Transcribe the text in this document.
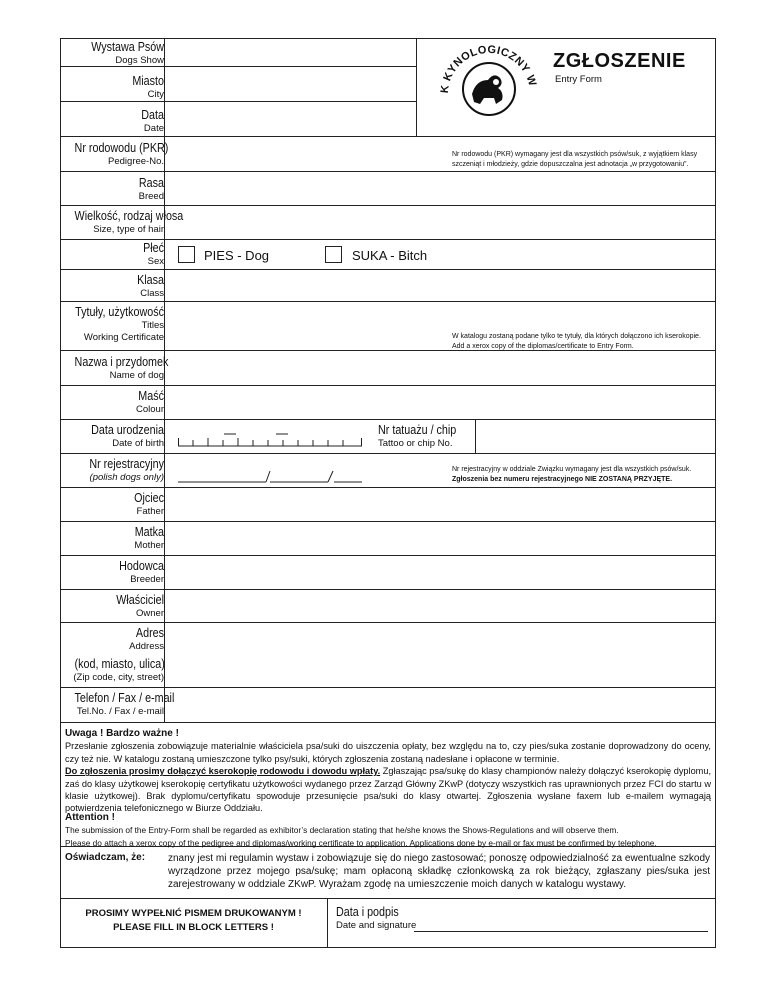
K KYNOLOGICZNY W
ZGŁOSZENIE
Entry Form
Wystawa Psów
Dogs Show
Miasto
City
Data
Date
Nr rodowodu (PKR)
Pedigree-No.
Rasa
Breed
Wielkość, rodzaj włosa
Size, type of hair
Płeć
Sex
Klasa
Class
Tytuły, użytkowość
Titles
Working Certificate
Nazwa i przydomek
Name of dog
Maść
Colour
Data urodzenia
Date of birth
Nr rejestracyjny
(polish dogs only)
Ojciec
Father
Matka
Mother
Hodowca
Breeder
Właściciel
Owner
Adres
Address
(kod, miasto, ulica)
(Zip code, city, street)
Telefon / Fax / e-mail
Tel.No. / Fax / e-mail
Nr rodowodu (PKR) wymagany jest dla wszystkich psów/suk, z wyjątkiem klasy
szczeniąt i młodzieży, gdzie dopuszczalna jest adnotacja „w przygotowaniu”.
W katalogu zostaną podane tylko te tytuły, dla których dołączono ich kserokopie.
Add a xerox copy of the diplomas/certificate to Entry Form.
Nr rejestracyjny w oddziale Związku wymagany jest dla wszystkich psów/suk.
Zgłoszenia bez numeru rejestracyjnego NIE ZOSTANĄ PRZYJĘTE.
PIES - Dog	SUKA - Bitch
Nr tatuażu / chip
Tattoo or chip No.
Uwaga ! Bardzo ważne !
Przesłanie zgłoszenia zobowiązuje materialnie właściciela psa/suki do uiszczenia opłaty, bez względu na to, czy pies/suka zostanie doprowadzony do oceny, czy też nie. W katalogu zostaną umieszczone tylko psy/suki, których zgłoszenia zostaną nadesłane i opłacone w terminie.
Do zgłoszenia prosimy dołączyć kserokopię rodowodu i dowodu wpłaty. Zgłaszając psa/sukę do klasy championów należy dołączyć kserokopię dyplomu, zaś do klasy użytkowej kserokopię certyfikatu użytkowości wydanego przez Zarząd Główny ZKwP (dotyczy wszystkich ras uprawnionych przez FCI do startu w klasie użytkowej). Brak dyplomu/certyfikatu spowoduje przesunięcie psa/suki do klasy otwartej. Zgłoszenia wysłane faxem lub e-mailem wymagają potwierdzenia telefonicznego w Biurze Oddziału.
Attention !
The submission of the Entry-Form shall be regarded as exhibitor’s declaration stating that he/she knows the Shows-Regulations and will observe them.
Please do attach a xerox copy of the pedigree and diplomas/working certificate to application. Applications done by e-mail or fax must be confirmed by telephone.
Oświadczam, że: znany jest mi regulamin wystaw i zobowiązuje się do niego zastosować; ponoszę odpowiedzialność za ewentualne szkody wyrządzone przez mojego psa/sukę; mam opłaconą składkę członkowską za rok bieżący, zgłaszany pies/suka jest zarejestrowany w oddziale ZKwP. Wyrażam zgodę na umieszczenie moich danych w katalogu wystawy.
PROSIMY WYPEŁNIĆ PISMEM DRUKOWANYM !
PLEASE FILL IN BLOCK LETTERS !
Data i podpis
Date and signature
